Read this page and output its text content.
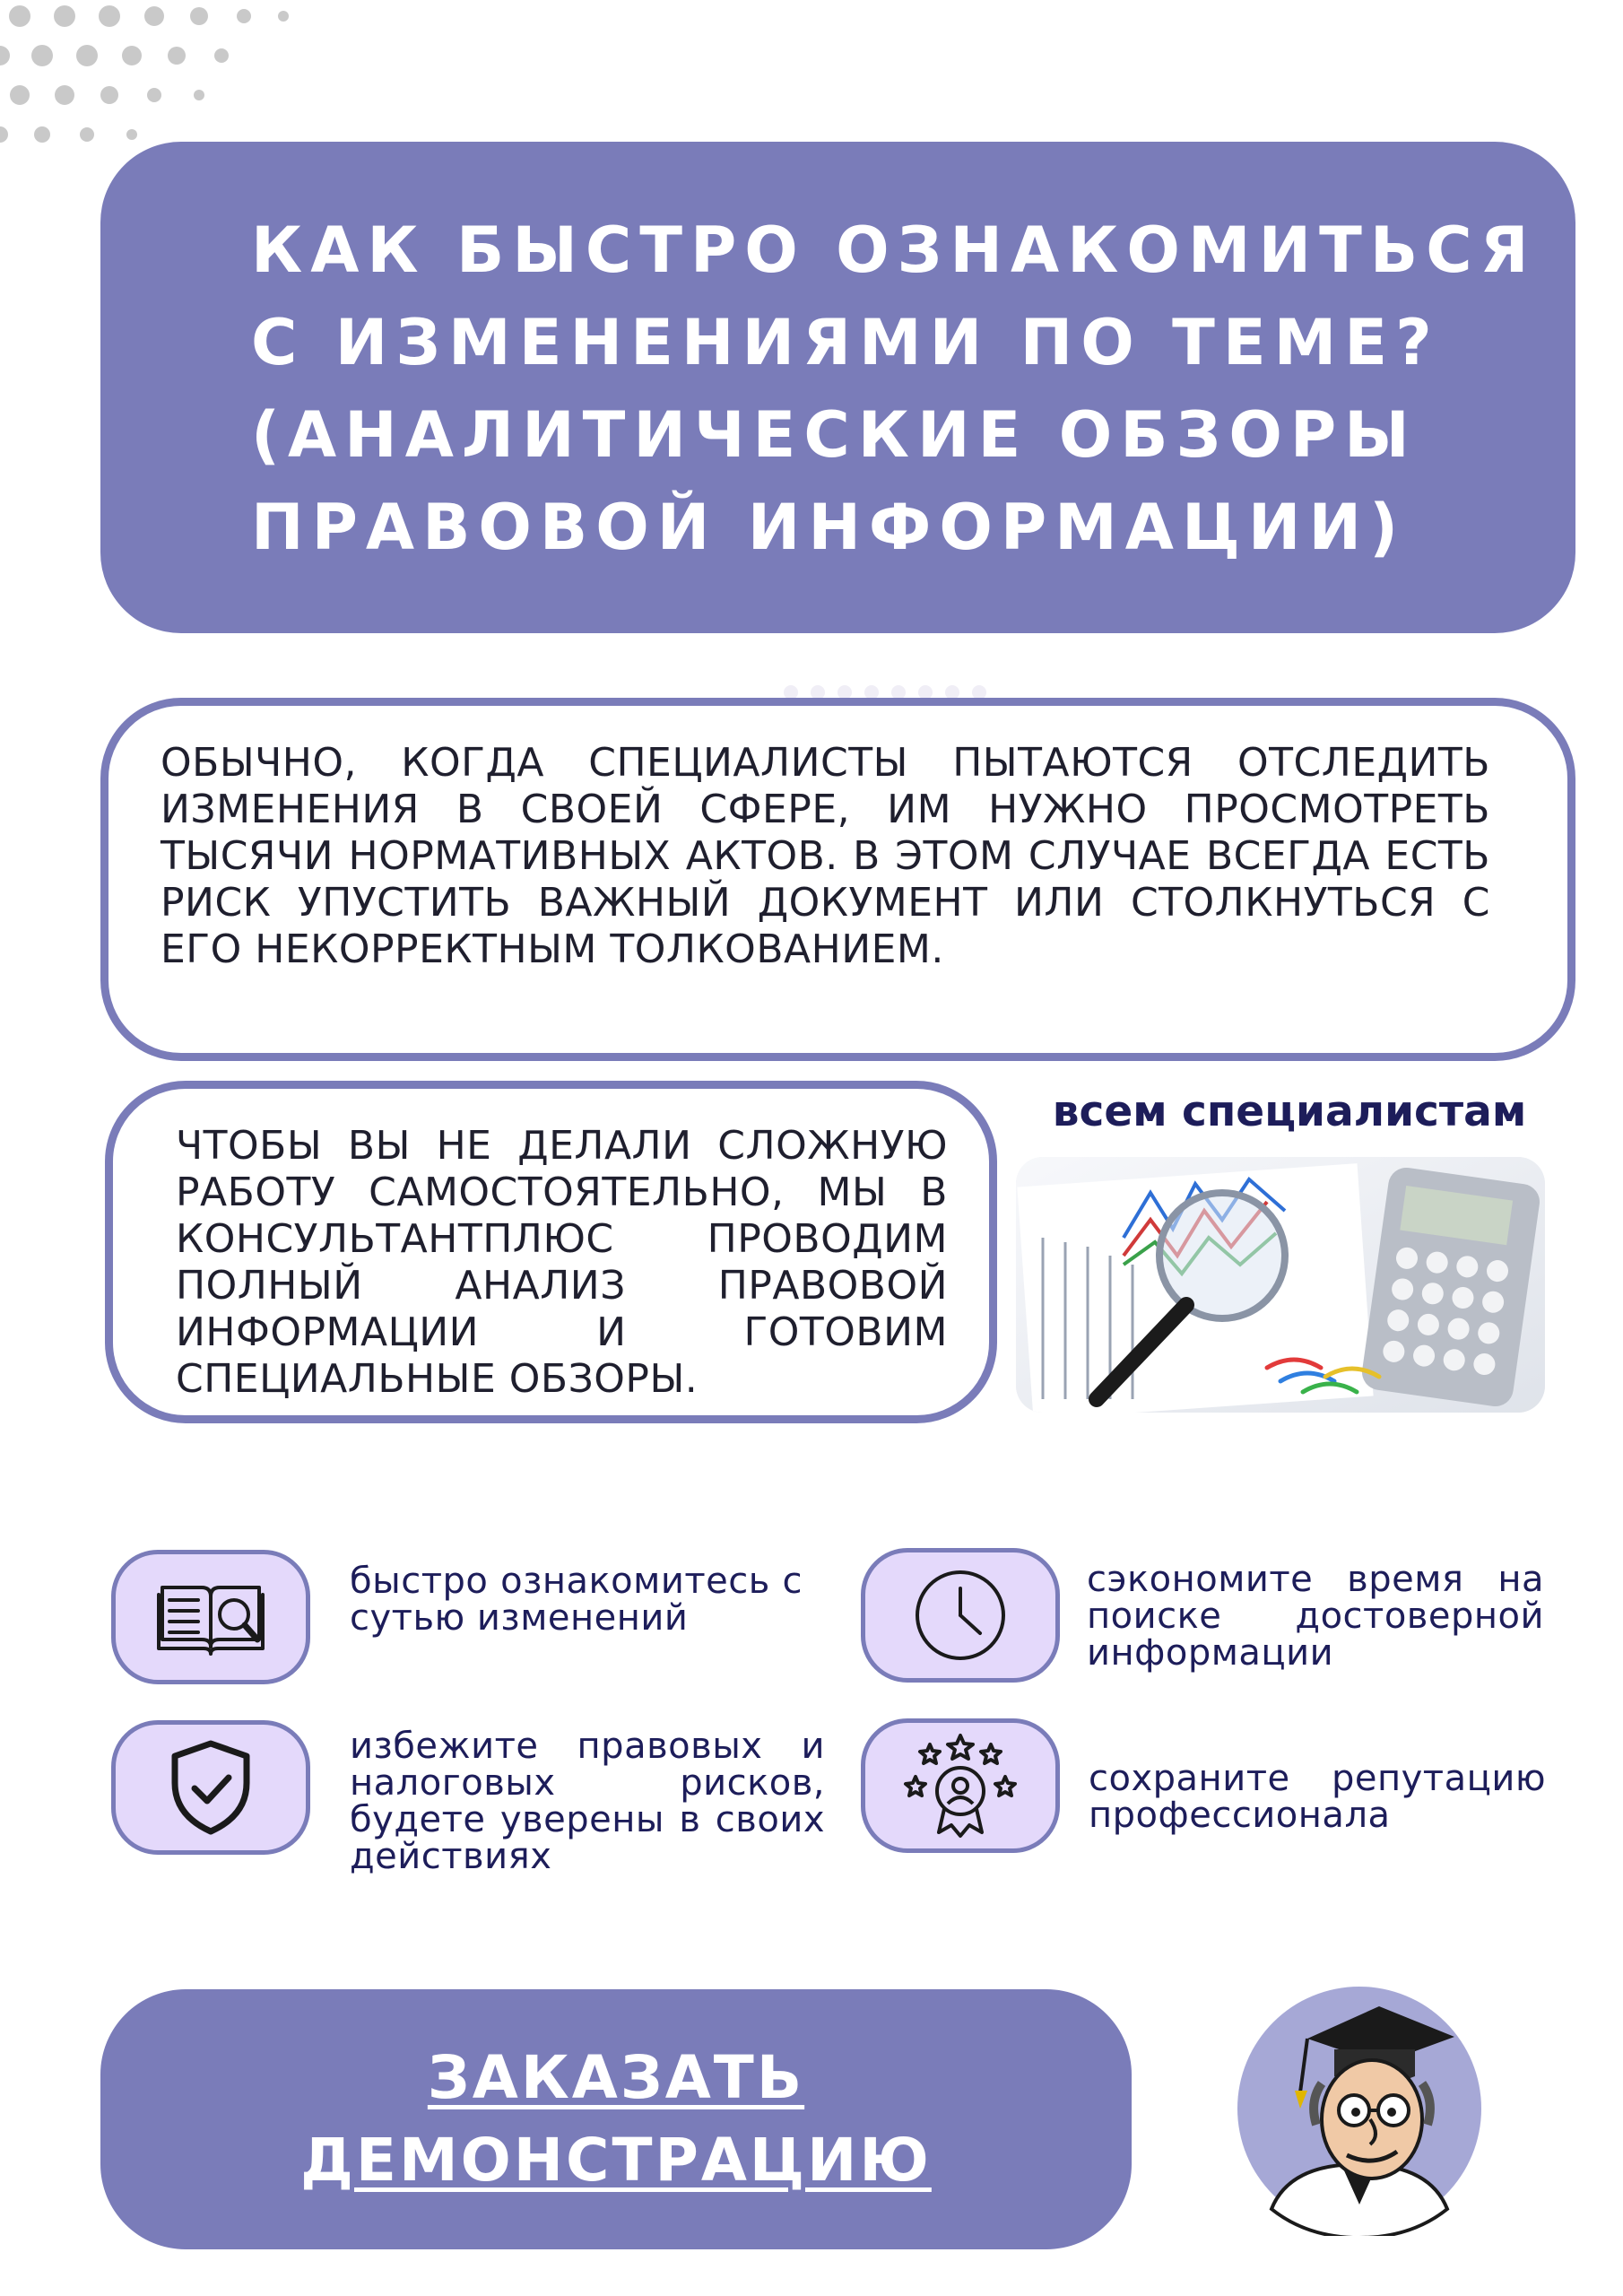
КАК БЫСТРО ОЗНАКОМИТЬСЯ
С ИЗМЕНЕНИЯМИ ПО ТЕМЕ?
(АНАЛИТИЧЕСКИЕ ОБЗОРЫ
ПРАВОВОЙ ИНФОРМАЦИИ)

ОБЫЧНО, КОГДА СПЕЦИАЛИСТЫ ПЫТАЮТСЯ ОТСЛЕДИТЬ ИЗМЕНЕНИЯ В СВОЕЙ СФЕРЕ, ИМ НУЖНО ПРОСМОТРЕТЬ ТЫСЯЧИ НОРМАТИВНЫХ АКТОВ. В ЭТОМ СЛУЧАЕ ВСЕГДА ЕСТЬ РИСК УПУСТИТЬ ВАЖНЫЙ ДОКУМЕНТ ИЛИ СТОЛКНУТЬСЯ С ЕГО НЕКОРРЕКТНЫМ ТОЛКОВАНИЕМ.

ЧТОБЫ ВЫ НЕ ДЕЛАЛИ СЛОЖНУЮ РАБОТУ САМОСТОЯТЕЛЬНО, МЫ В КОНСУЛЬТАНТПЛЮС ПРОВОДИМ ПОЛНЫЙ АНАЛИЗ ПРАВОВОЙ ИНФОРМАЦИИ И ГОТОВИМ СПЕЦИАЛЬНЫЕ ОБЗОРЫ.

всем специалистам
быстро ознакомитесь с сутью изменений
сэкономите время на поиске достоверной информации
избежите правовых и налоговых рисков, будете уверены в своих действиях
сохраните репутацию профессионала
ЗАКАЗАТЬ
ДЕМОНСТРАЦИЮ
